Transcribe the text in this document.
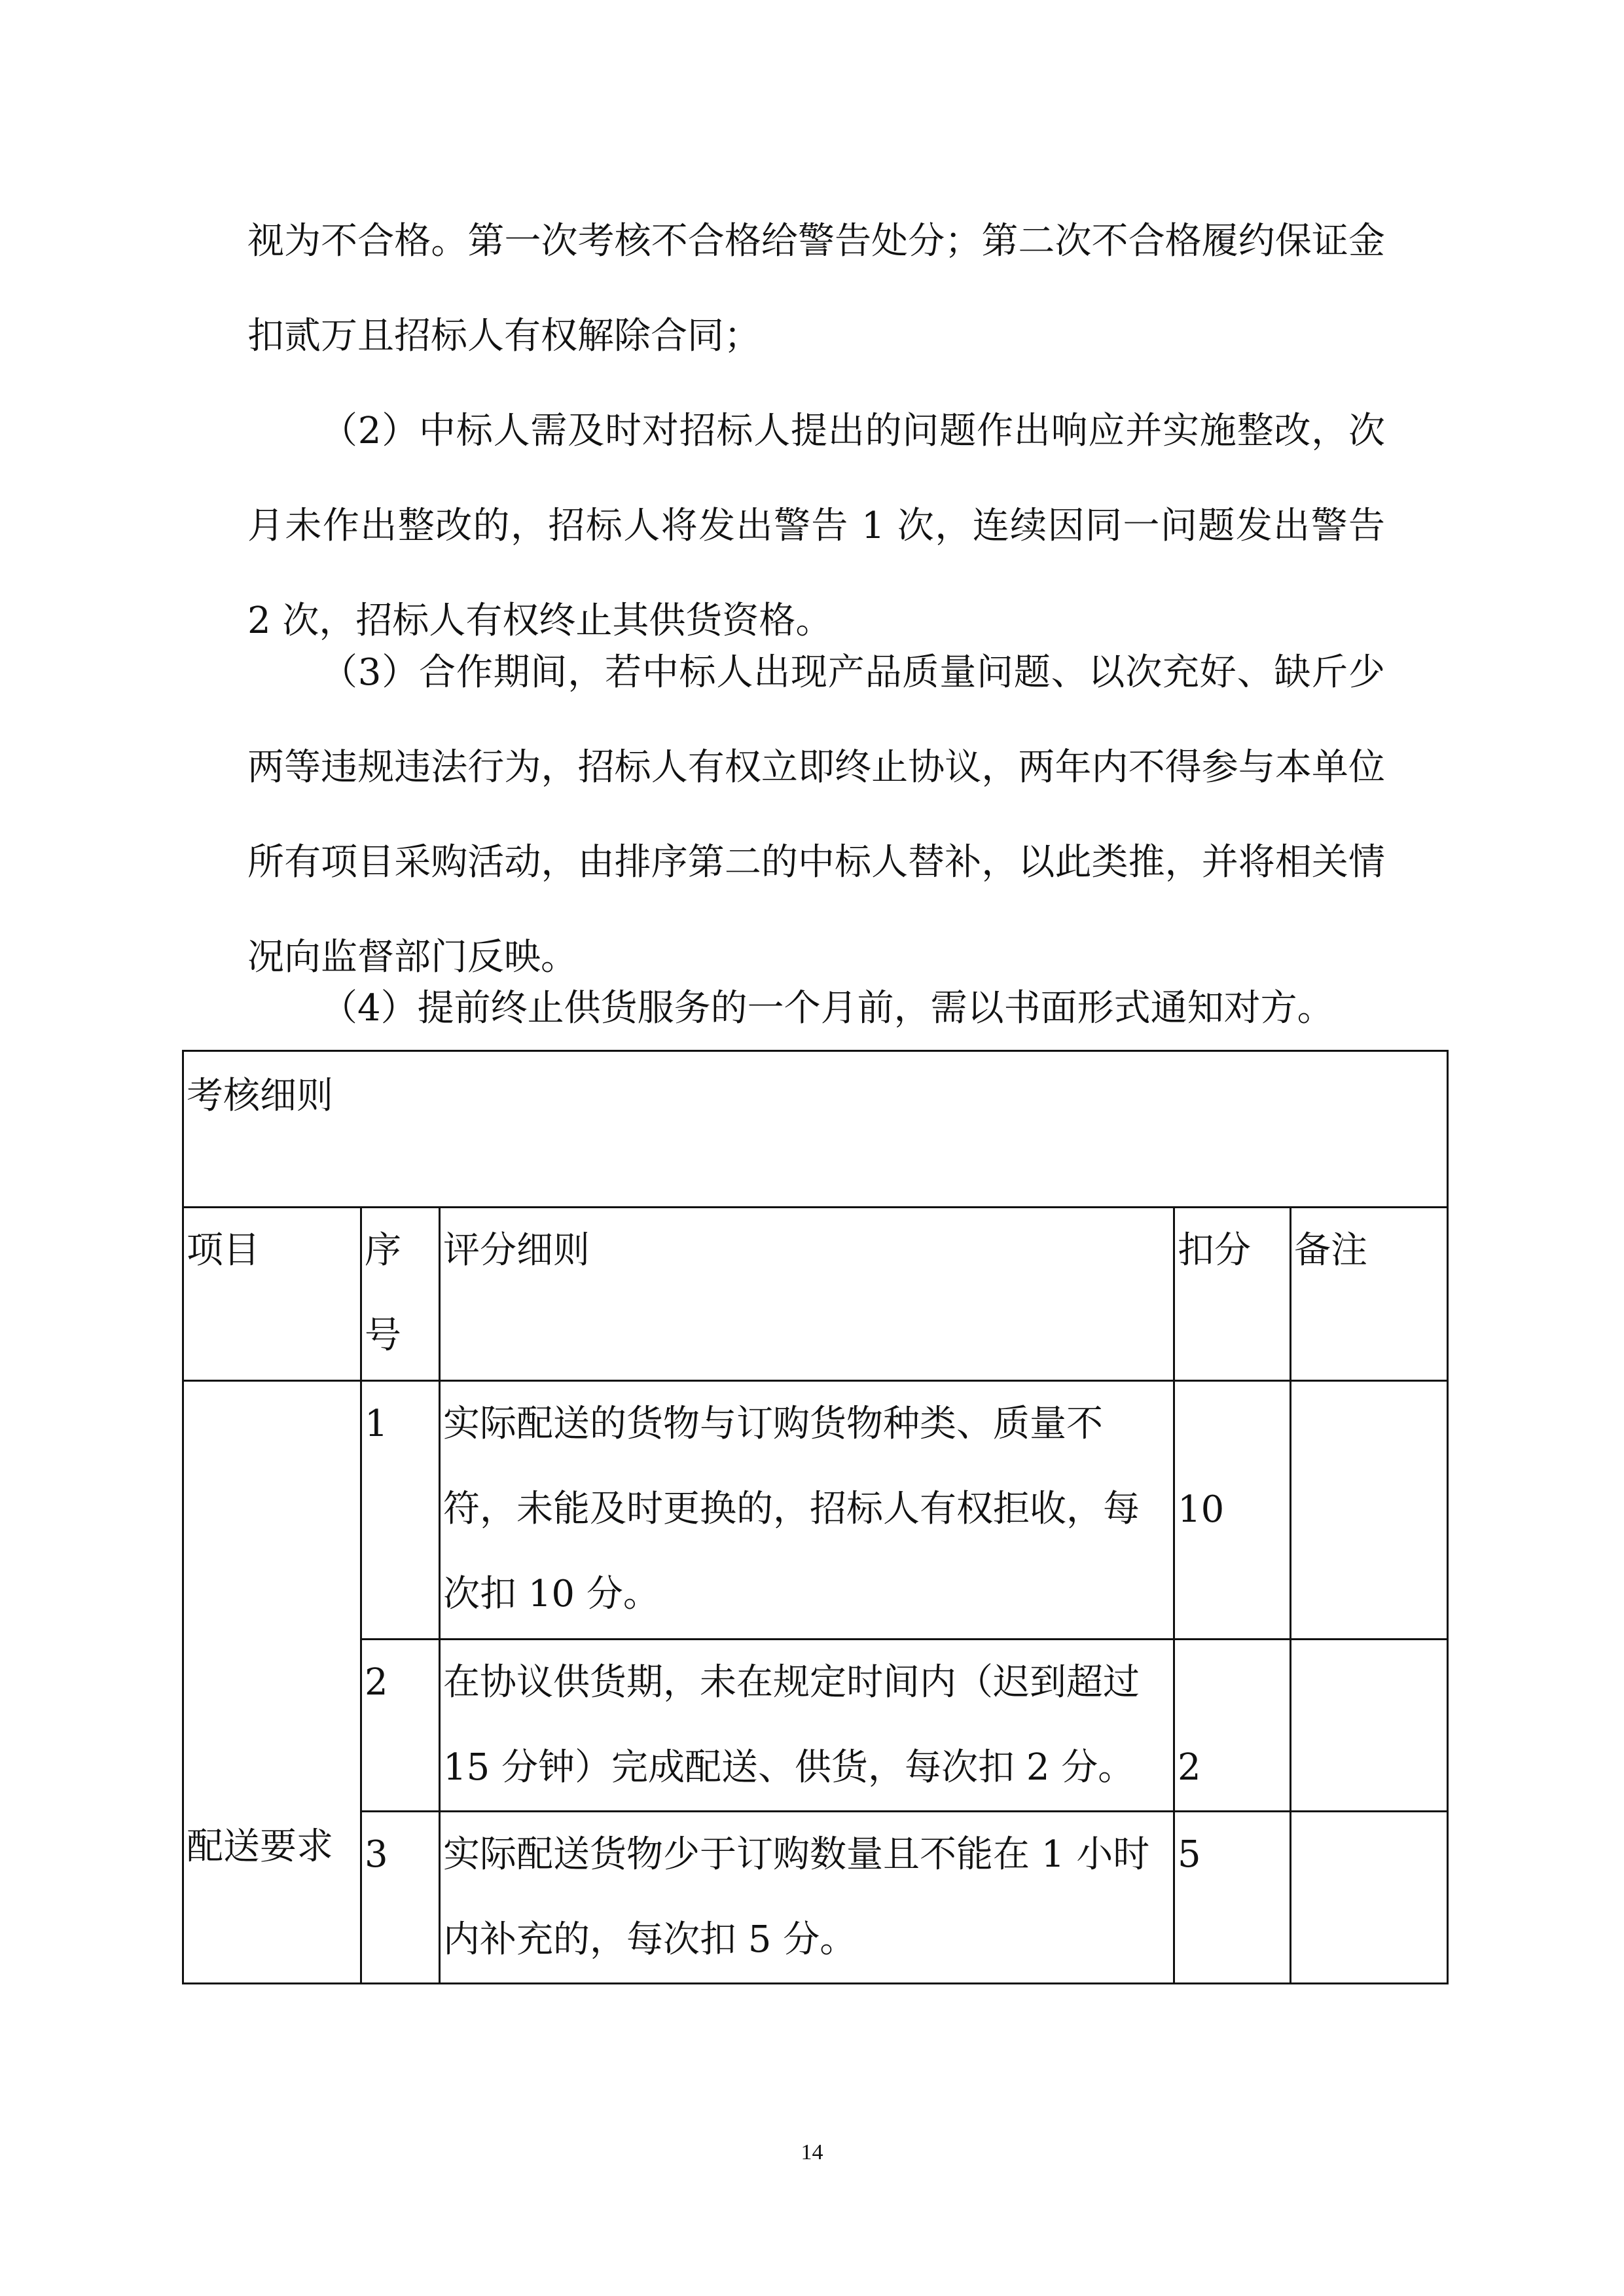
视为不合格。第一次考核不合格给警告处分；第二次不合格履约保证金扣贰万且招标人有权解除合同；

（2）中标人需及时对招标人提出的问题作出响应并实施整改，次月未作出整改的，招标人将发出警告 1 次，连续因同一问题发出警告 2 次，招标人有权终止其供货资格。

（3）合作期间，若中标人出现产品质量问题、以次充好、缺斤少两等违规违法行为，招标人有权立即终止协议，两年内不得参与本单位所有项目采购活动，由排序第二的中标人替补，以此类推，并将相关情况向监督部门反映。

（4）提前终止供货服务的一个月前，需以书面形式通知对方。

考核细则				

项目	序号	评分细则	扣分	备注

配送要求	1	实际配送的货物与订购货物种类、质量不符，未能及时更换的，招标人有权拒收，每次扣 10 分。	10	

	2	在协议供货期，未在规定时间内（迟到超过 15 分钟）完成配送、供货，每次扣 2 分。	2	

	3	实际配送货物少于订购数量且不能在 1 小时内补充的，每次扣 5 分。	5	

14
